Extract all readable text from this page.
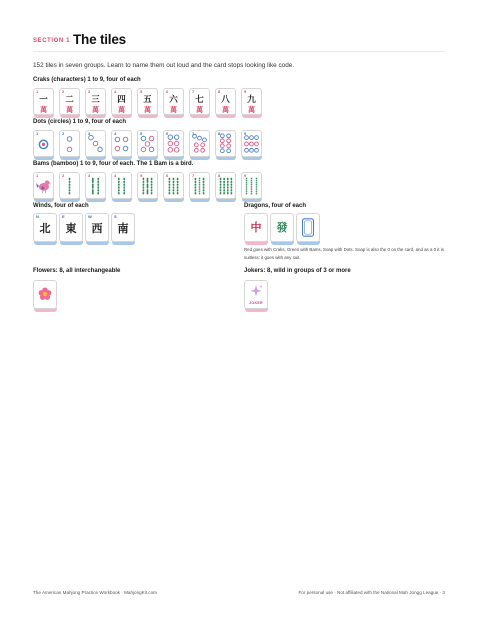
SECTION 1 The tiles
152 tiles in seven groups. Learn to name them out loud and the card stops looking like code.
Craks (characters) 1 to 9, four of each
1
一
萬
2
二
萬
3
三
萬
4
四
萬
5
五
萬
6
六
萬
7
七
萬
8
八
萬
9
九
萬
Dots (circles) 1 to 9, four of each
1	2	3	4	5	6	7	8	9
Bams (bamboo) 1 to 9, four of each. The 1 Bam is a bird.
1	2	3	4	5	6	7	8	9
Winds, four of each
N
北
E
東
W
西
S
南
Dragons, four of each
中	發
Red goes with Craks, Green with Bams, Soap with Dots. Soap is also the 0 on the card, and as a 0 it is suitless: it goes with any suit.
Flowers: 8, all interchangeable	Jokers: 8, wild in groups of 3 or more
JOKER
The American Mahjong Practice Workbook · MahjongKit.com	For personal use · Not affiliated with the National Mah Jongg League · 3
